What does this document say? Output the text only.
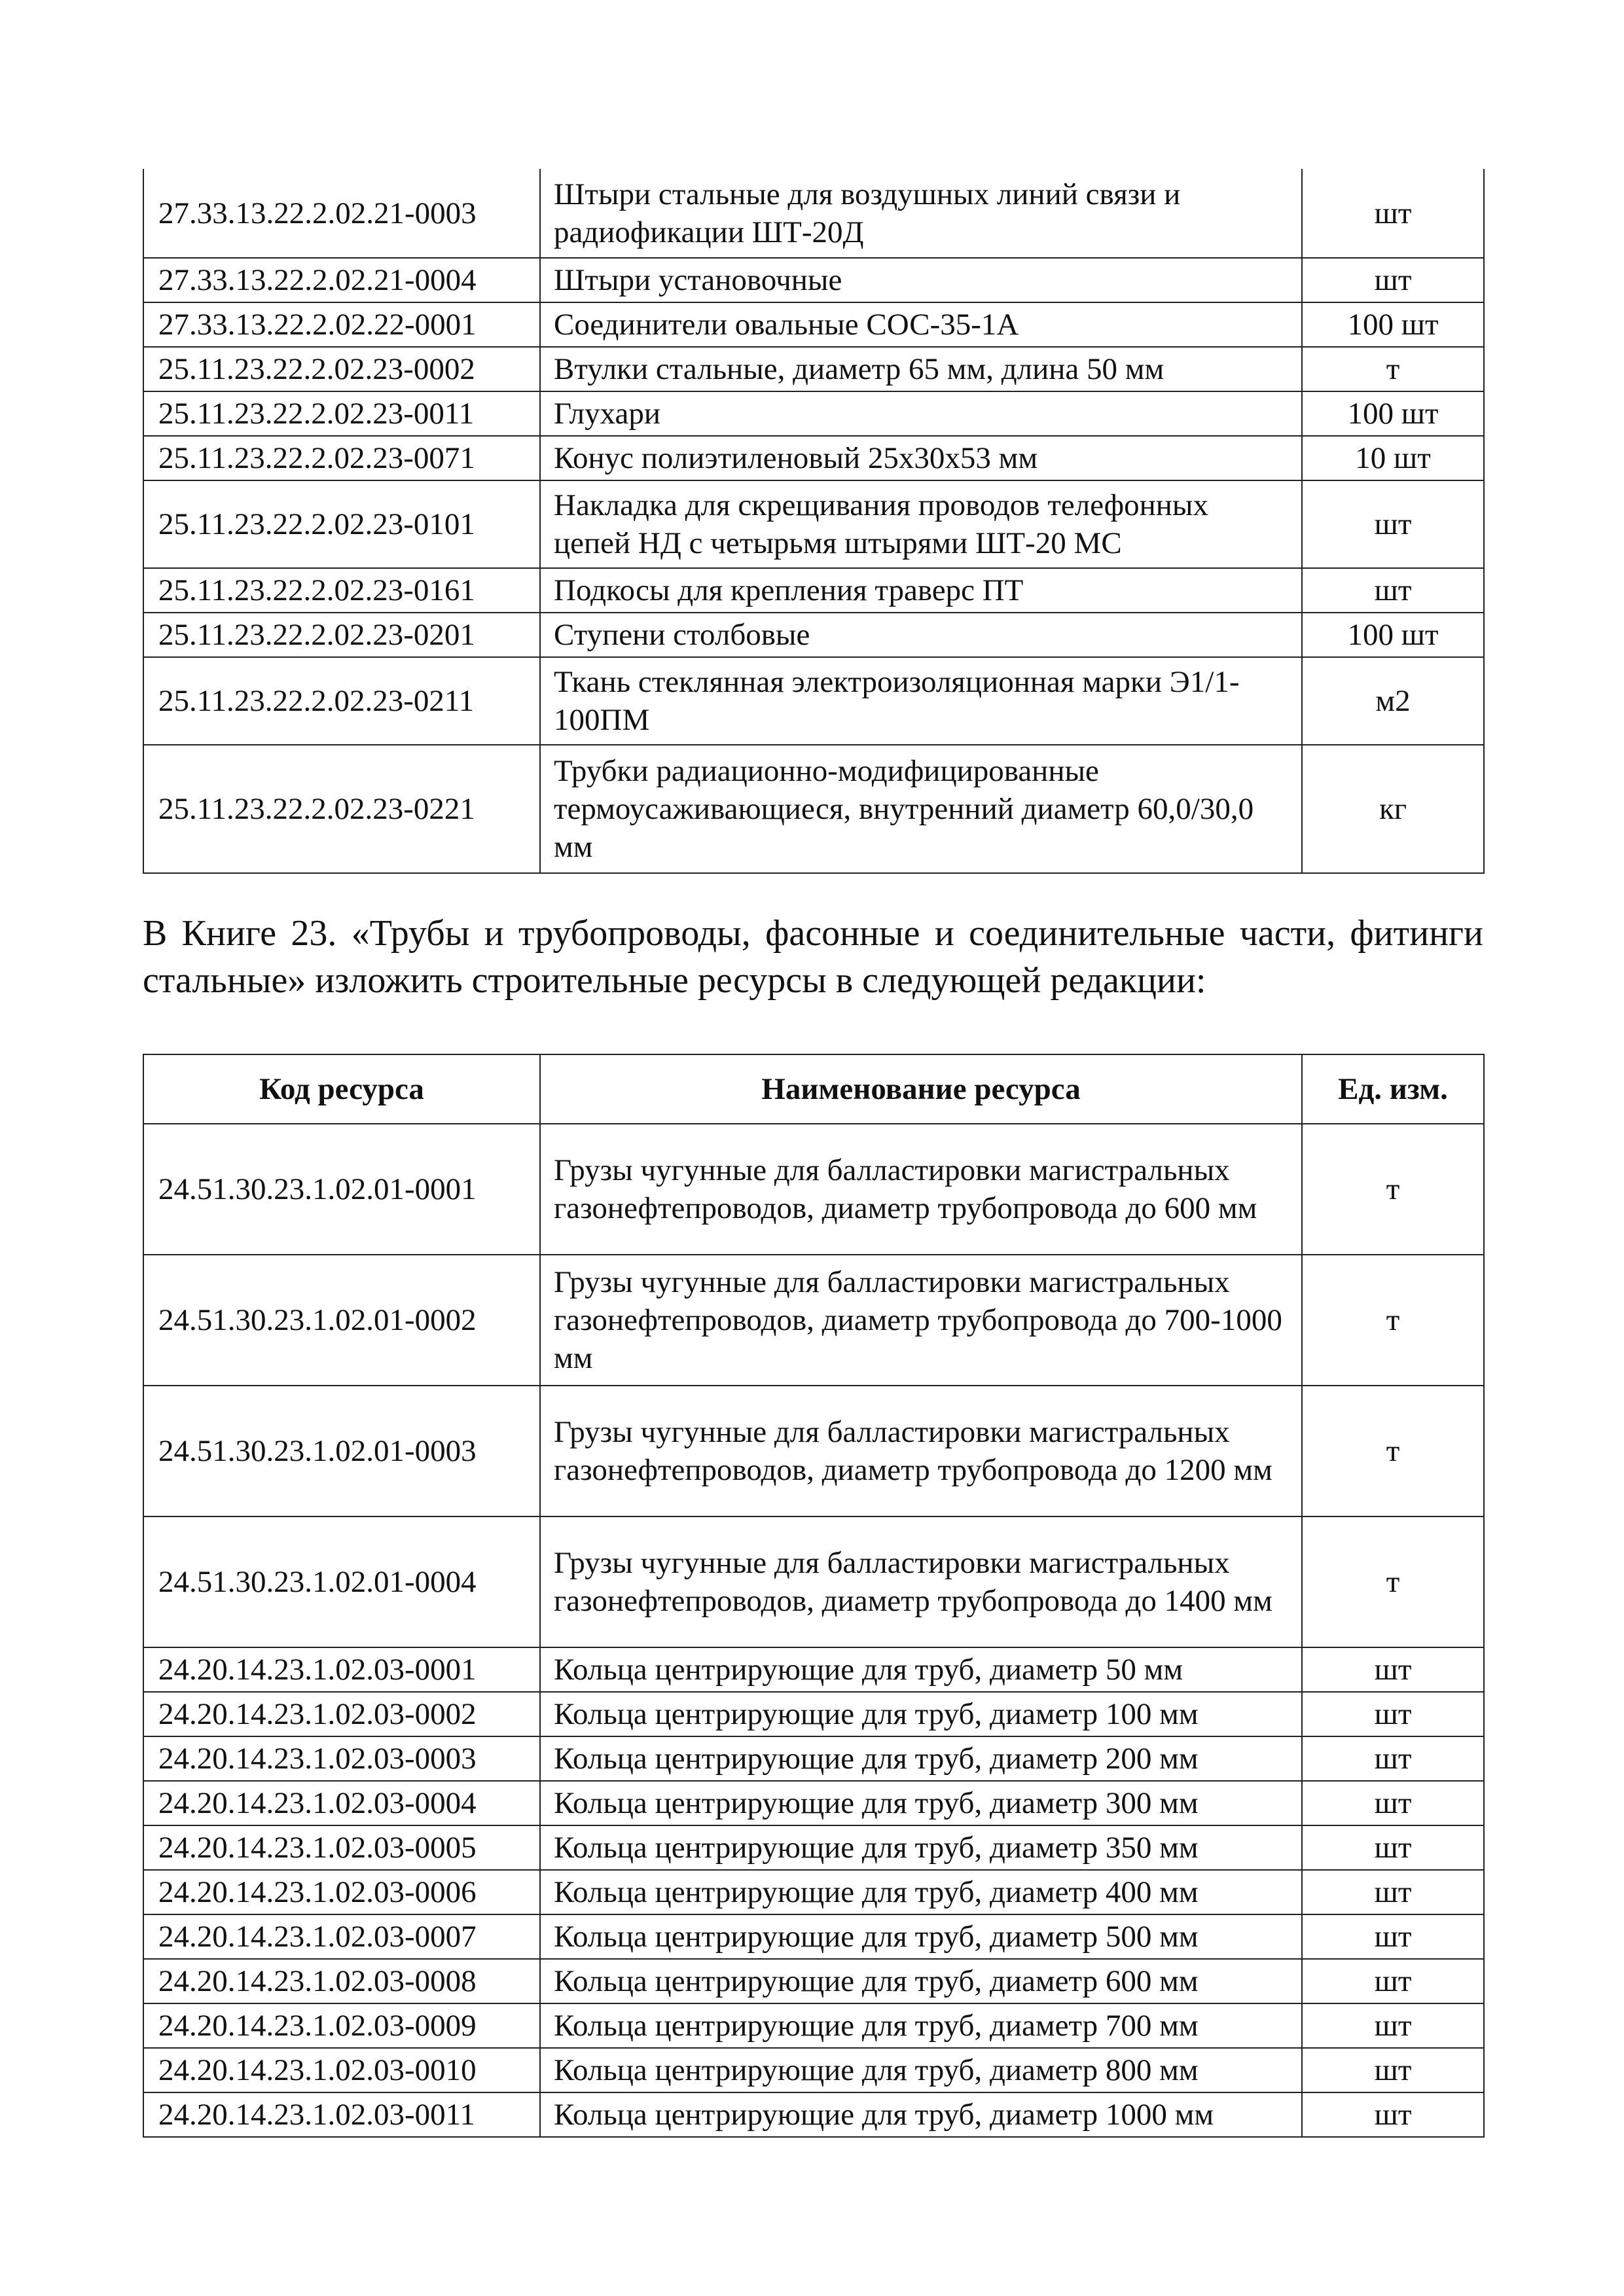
27.33.13.22.2.02.21-0003	Штыри стальные для воздушных линий связи и радиофикации ШТ-20Д	шт
27.33.13.22.2.02.21-0004	Штыри установочные	шт
27.33.13.22.2.02.22-0001	Соединители овальные СОС-35-1А	100 шт
25.11.23.22.2.02.23-0002	Втулки стальные, диаметр 65 мм, длина 50 мм	т
25.11.23.22.2.02.23-0011	Глухари	100 шт
25.11.23.22.2.02.23-0071	Конус полиэтиленовый 25х30х53 мм	10 шт
25.11.23.22.2.02.23-0101	Накладка для скрещивания проводов телефонных цепей НД с четырьмя штырями ШТ-20 МС	шт
25.11.23.22.2.02.23-0161	Подкосы для крепления траверс ПТ	шт
25.11.23.22.2.02.23-0201	Ступени столбовые	100 шт
25.11.23.22.2.02.23-0211	Ткань стеклянная электроизоляционная марки Э1/1-100ПМ	м2
25.11.23.22.2.02.23-0221	Трубки радиационно-модифицированные термоусаживающиеся, внутренний диаметр 60,0/30,0 мм	кг
В Книге 23. «Трубы и трубопроводы, фасонные и соединительные части, фитинги стальные» изложить строительные ресурсы в следующей редакции:
Код ресурса	Наименование ресурса	Ед. изм.
24.51.30.23.1.02.01-0001	Грузы чугунные для балластировки магистральных газонефтепроводов, диаметр трубопровода до 600 мм	т
24.51.30.23.1.02.01-0002	Грузы чугунные для балластировки магистральных газонефтепроводов, диаметр трубопровода до 700-1000 мм	т
24.51.30.23.1.02.01-0003	Грузы чугунные для балластировки магистральных газонефтепроводов, диаметр трубопровода до 1200 мм	т
24.51.30.23.1.02.01-0004	Грузы чугунные для балластировки магистральных газонефтепроводов, диаметр трубопровода до 1400 мм	т
24.20.14.23.1.02.03-0001	Кольца центрирующие для труб, диаметр 50 мм	шт
24.20.14.23.1.02.03-0002	Кольца центрирующие для труб, диаметр 100 мм	шт
24.20.14.23.1.02.03-0003	Кольца центрирующие для труб, диаметр 200 мм	шт
24.20.14.23.1.02.03-0004	Кольца центрирующие для труб, диаметр 300 мм	шт
24.20.14.23.1.02.03-0005	Кольца центрирующие для труб, диаметр 350 мм	шт
24.20.14.23.1.02.03-0006	Кольца центрирующие для труб, диаметр 400 мм	шт
24.20.14.23.1.02.03-0007	Кольца центрирующие для труб, диаметр 500 мм	шт
24.20.14.23.1.02.03-0008	Кольца центрирующие для труб, диаметр 600 мм	шт
24.20.14.23.1.02.03-0009	Кольца центрирующие для труб, диаметр 700 мм	шт
24.20.14.23.1.02.03-0010	Кольца центрирующие для труб, диаметр 800 мм	шт
24.20.14.23.1.02.03-0011	Кольца центрирующие для труб, диаметр 1000 мм	шт
